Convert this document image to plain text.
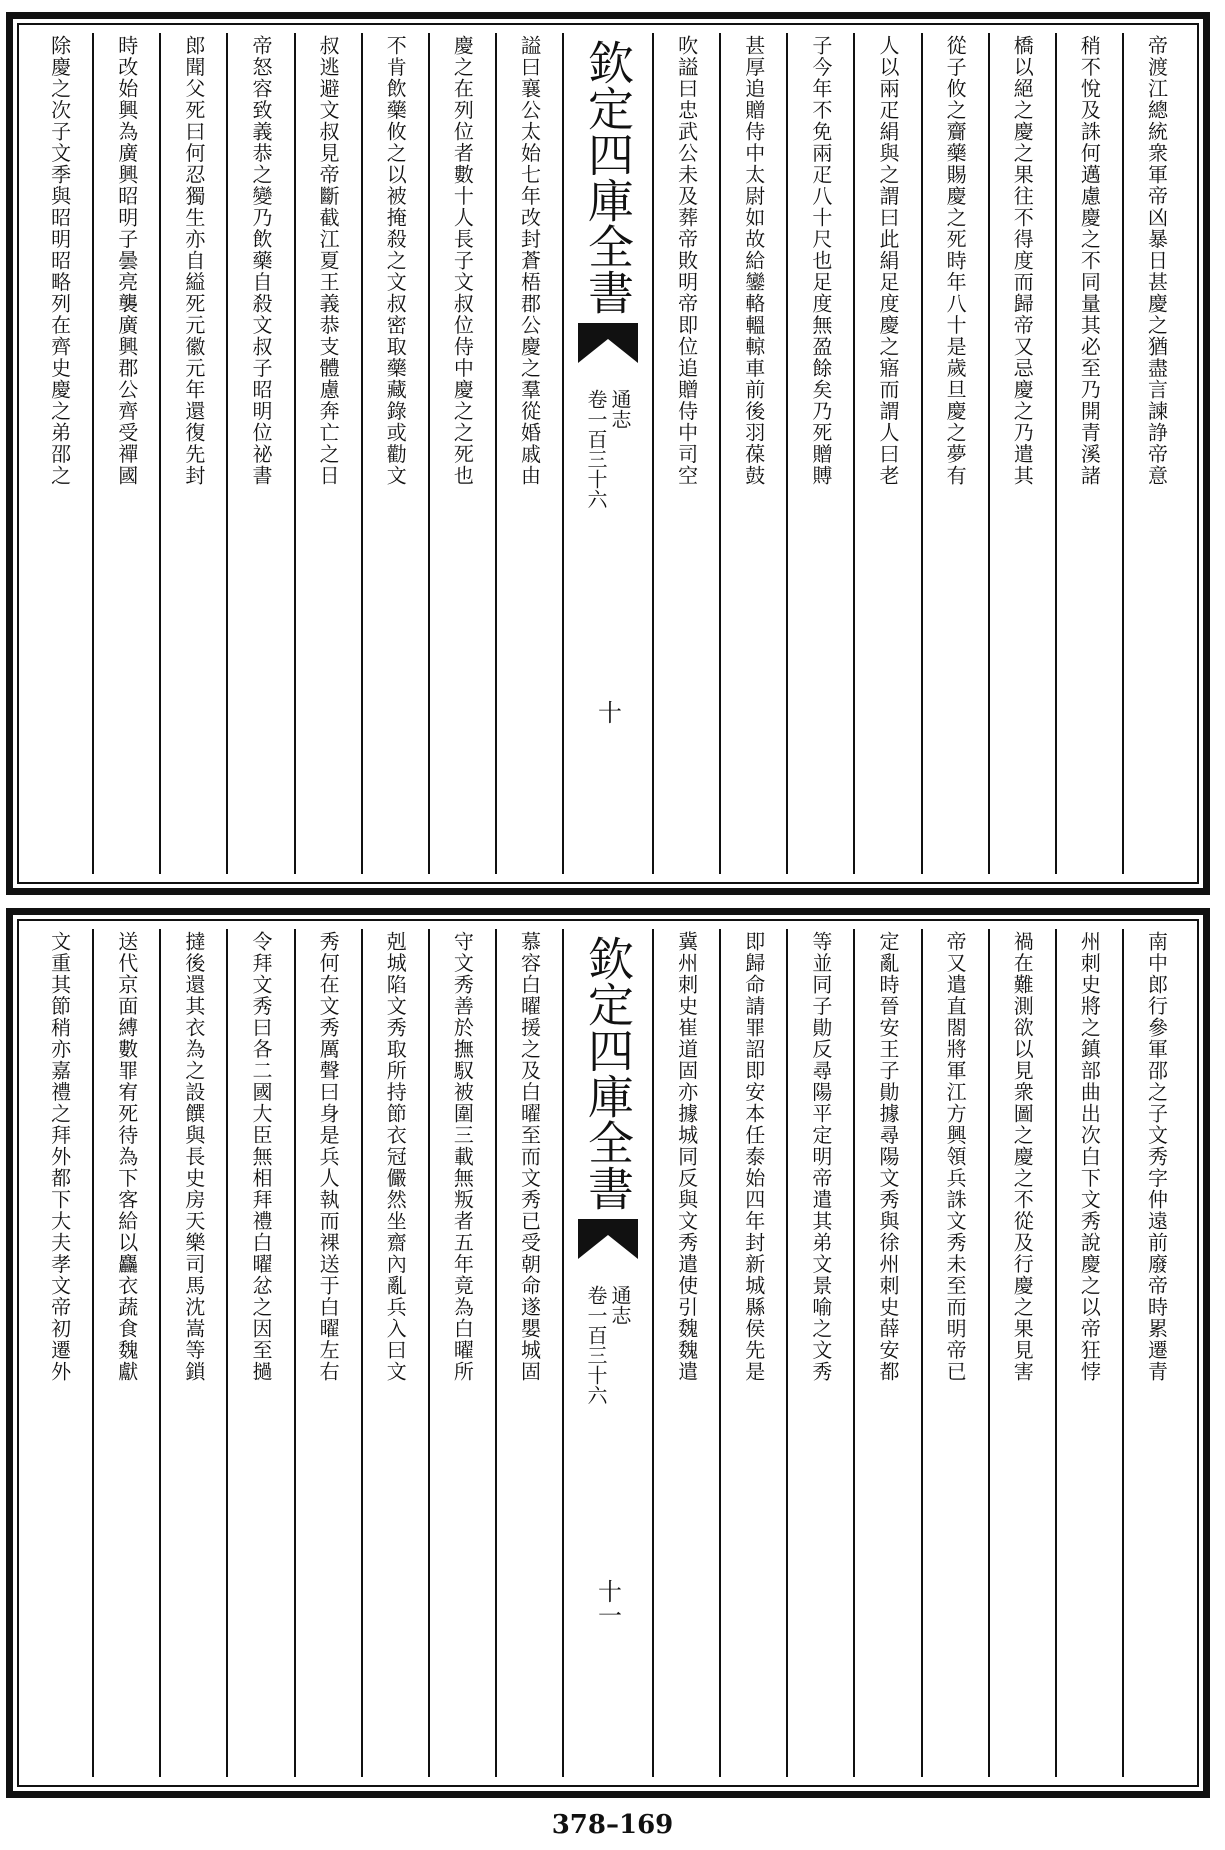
帝渡江總統衆軍帝凶暴日甚慶之猶盡言諫諍帝意
稍不悅及誅何邁慮慶之不同量其必至乃開青溪諸
橋以絕之慶之果往不得度而歸帝又忌慶之乃遣其
從子攸之齎藥賜慶之死時年八十是歲旦慶之夢有
人以兩疋絹與之謂曰此絹足度慶之寤而謂人曰老
子今年不免兩疋八十尺也足度無盈餘矣乃死贈賻
甚厚追贈侍中太尉如故給鑾輅轀輬車前後羽葆鼓
吹謚曰忠武公未及葬帝敗明帝即位追贈侍中司空
欽定四庫全書
通志
卷一百三十六
十
謚曰襄公太始七年改封蒼梧郡公慶之羣從婚戚由
慶之在列位者數十人長子文叔位侍中慶之之死也
不肯飲藥攸之以被掩殺之文叔密取藥藏錄或勸文
叔逃避文叔見帝斷截江夏王義恭支體慮奔亡之日
帝怒容致義恭之變乃飲藥自殺文叔子昭明位祕書
郎聞父死曰何忍獨生亦自縊死元徽元年還復先封
時改始興為廣興昭明子曇亮襲廣興郡公齊受禪國
除慶之次子文季與昭明昭略列在齊史慶之弟邵之
南中郎行參軍邵之子文秀字仲遠前廢帝時累遷青
州刺史將之鎮部曲出次白下文秀說慶之以帝狂悖
禍在難測欲以見衆圖之慶之不從及行慶之果見害
帝又遣直閤將軍江方興領兵誅文秀未至而明帝已
定亂時晉安王子勛據尋陽文秀與徐州刺史薛安都
等並同子勛反尋陽平定明帝遣其弟文景喻之文秀
即歸命請罪詔即安本任泰始四年封新城縣侯先是
冀州刺史崔道固亦據城同反與文秀遣使引魏魏遣
欽定四庫全書
通志
卷一百三十六
十一
慕容白曜援之及白曜至而文秀已受朝命遂嬰城固
守文秀善於撫馭被圍三載無叛者五年竟為白曜所
剋城陷文秀取所持節衣冠儼然坐齋內亂兵入曰文
秀何在文秀厲聲曰身是兵人執而裸送于白曜左右
令拜文秀曰各二國大臣無相拜禮白曜忿之因至撾
撻後還其衣為之設饌與長史房天樂司馬沈嵩等鎖
送代京面縛數罪宥死待為下客給以麤衣蔬食魏獻
文重其節稍亦嘉禮之拜外都下大夫孝文帝初遷外
378–169
